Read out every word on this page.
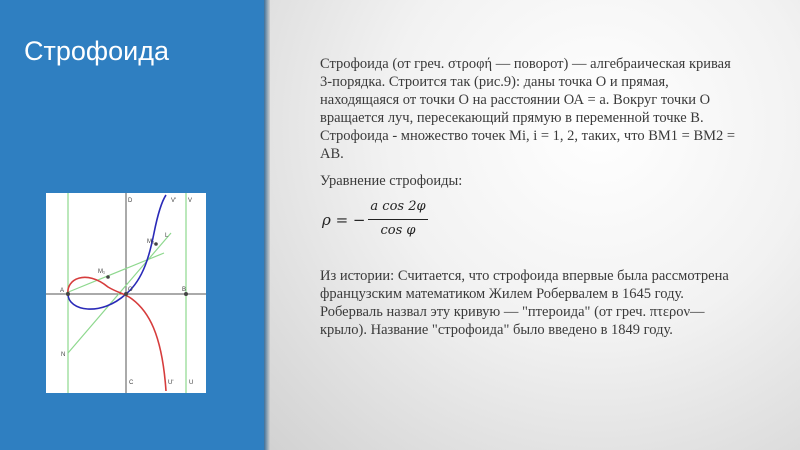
Строфоида
D	V' V
M₂
L
M₁
A	O	B
N
C	U'	U
Строфоида (от греч. στροφή — поворот) — алгебраическая кривая 3-порядка. Строится так (рис.9): даны точка О и прямая, находящаяся от точки О на расстоянии ОА = а. Вокруг точки О вращается луч, пересекающий прямую в переменной точке В. Строфоида - множество точек Mi, i = 1, 2, таких, что ВМ1 = ВМ2 = АВ.
Уравнение строфоиды:
ρ = −
a cos 2φ
cos φ
Из истории: Считается, что строфоида впервые была рассмотрена французским математиком Жилем Робервалем в 1645 году. Роберваль назвал эту кривую — "птероида" (от греч. πτερον— крыло). Название "строфоида" было введено в 1849 году.
